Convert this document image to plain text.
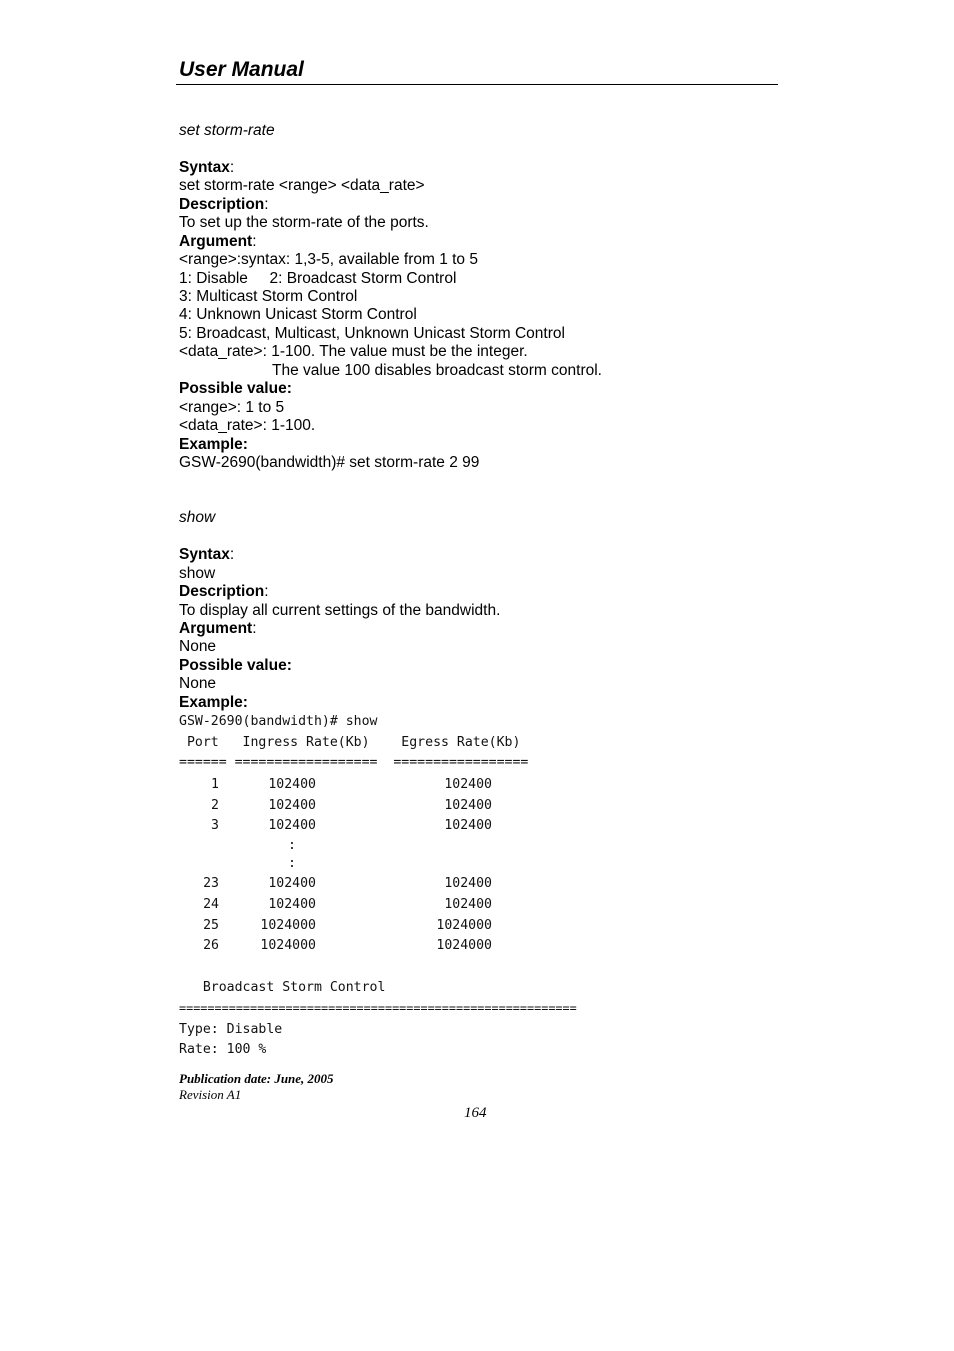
User Manual
set storm-rate
Syntax:
set storm-rate <range> <data_rate>
Description:
To set up the storm-rate of the ports.
Argument:
<range>:syntax: 1,3-5, available from 1 to 5
1: Disable     2: Broadcast Storm Control
3: Multicast Storm Control
4: Unknown Unicast Storm Control
5: Broadcast, Multicast, Unknown Unicast Storm Control
<data_rate>: 1-100. The value must be the integer.
The value 100 disables broadcast storm control.
Possible value:
<range>: 1 to 5
<data_rate>: 1-100.
Example:
GSW-2690(bandwidth)# set storm-rate 2 99
show
Syntax:
show
Description:
To display all current settings of the bandwidth.
Argument:
None
Possible value:
None
Example:
GSW-2690(bandwidth)# show
Port   Ingress Rate(Kb)    Egress Rate(Kb)
====== ==================  =================
1	102400	102400
2	102400	102400
3	102400	102400
:
:
23	102400	102400
24	102400	102400
25	1024000	1024000
26	1024000	1024000
Broadcast Storm Control
========================================================
Type: Disable
Rate: 100 %
Publication date: June, 2005
Revision A1
164
